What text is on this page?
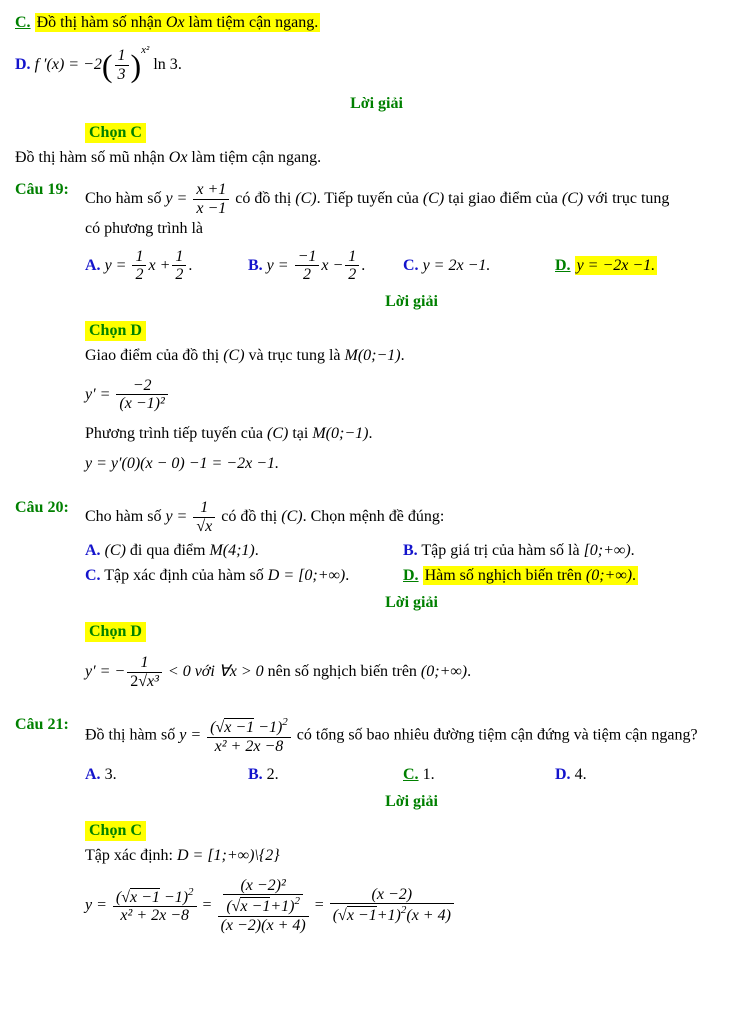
C. Đồ thị hàm số nhận Ox làm tiệm cận ngang.
D. f $'(x) = -2( \frac{1}{3} )^{x^2}$ ln 3.
Lời giải
Chọn C
Đồ thị hàm số mũ nhận Ox làm tiệm cận ngang.
Câu 19:
Cho hàm số $y = \frac{x +1}{x -1}$ có đồ thị (C). Tiếp tuyến của (C) tại giao điểm của (C) với trục tung
có phương trình là
A. $y = \frac{1}{2}$ $x + \frac{1}{2}$ .	B. $y = \frac{-1}{2}$ $x - \frac{1}{2}$ .	C. y = 2x −1.	D. y = −2x −1.
Lời giải
Chọn D
Giao điểm của đồ thị (C) và trục tung là M(0;−1).
$y' = \frac{-2}{\text{(x −1)²}}$
Phương trình tiếp tuyến của (C) tại M(0;−1).
y = y′(0)(x − 0) −1 = −2x −1.
Câu 20:
Cho hàm số $y = \frac{1}{√x}$ có đồ thị (C). Chọn mệnh đề đúng:
A. (C) đi qua điểm M(4;1).	B. Tập giá trị của hàm số là [0;+∞).
C. Tập xác định của hàm số D = [0;+∞).	D. Hàm số nghịch biến trên (0;+∞).
Lời giải
Chọn D
y′ = − $\frac{1}{\text{2√x³}} < 0$ với ∀x > 0 nên số nghịch biến trên (0;+∞).
Câu 21:
Đồ thị hàm số $y = \frac{(√x -1 -1)^2}{\text{x² + 2x −8}}$ có tổng số bao nhiêu đường tiệm cận đứng và tiệm cận ngang?
A. 3.	B. 2.	C. 1.	D. 4.
Lời giải
Chọn C
Tập xác định: D = [1;+∞)\{2}
$y = \frac{(√x -1 -1)^2}{\text{x² + 2x −8}} = \frac{\frac{\text{(x −2)²}}{(√x -1+1)^2}}{(x -2)(x + 4)} = \frac{(x -2)}{(√x -1+1)^2(x + 4)}$
